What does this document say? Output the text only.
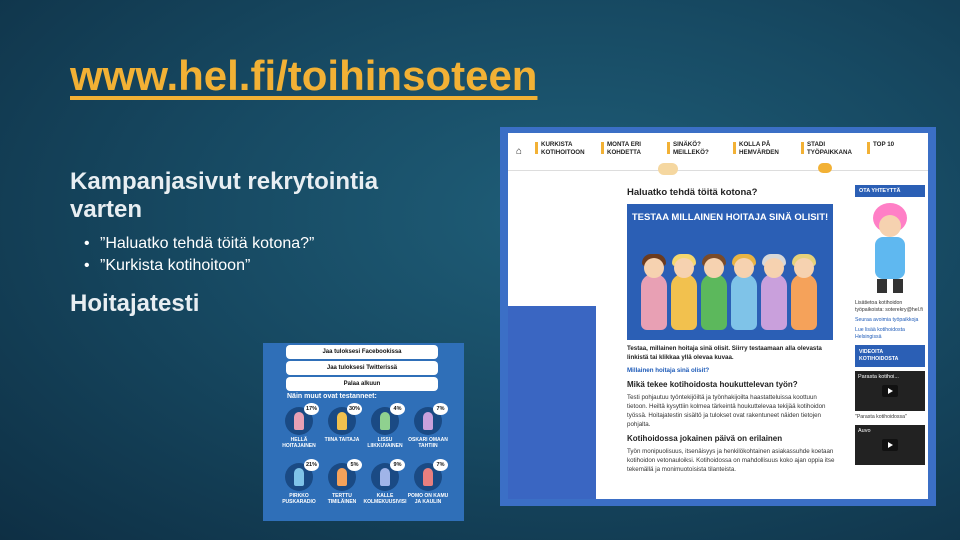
www.hel.fi/toihinsoteen
Kampanjasivut rekrytointia varten
• ”Haluatko tehdä töitä kotona?”
• ”Kurkista kotihoitoon”
Hoitajatesti
Jaa tuloksesi Facebookissa
Jaa tuloksesi Twitterissä
Palaa alkuun
Näin muut ovat testanneet:
17%
HELLÄ HOITAJAINEN
30%
TIINA TAITAJA
4%
LISSU LIIKKUVAINEN
7%
OSKARI OMAAN TAHTIIN
21%
PIRKKO PUSKARADIO
5%
TERTTU TIMILÄINEN
9%
KALLE KOLMEKUUSIVISI
7%
POMO ON KAMU JA KAULIN
⌂
KURKISTA KOTIHOITOON
MONTA ERI KOHDETTA
SINÄKÖ? MEILLEKÖ?
KOLLA PÅ HEMVÄRDEN
STADI TYÖPAIKKANA
TOP 10
Haluatko tehdä töitä kotona?
TESTAA MILLAINEN HOITAJA SINÄ OLISIT!
Testaa, millainen hoitaja sinä olisit. Siirry testaamaan alla olevasta linkistä tai klikkaa yllä olevaa kuvaa.
Millainen hoitaja sinä olisit?
Mikä tekee kotihoidosta houkuttelevan työn?
Testi pohjautuu työntekijöiltä ja työnhakijoilta haastatteluissa koottuun tietoon. Heiltä kysyttiin kolmea tärkeintä houkuttelevaa tekijää kotihoidon työssä. Hoitajatestin sisältö ja tulokset ovat rakentuneet näiden tietojen pohjalta.
Kotihoidossa jokainen päivä on erilainen
Työn monipuolisuus, itsenäisyys ja henkilökohtainen asiakassuhde koetaan kotihoidon vetonauloiksi. Kotihoidossa on mahdollisuus koko ajan oppia itse tekemällä ja monimuotoisista tilanteista.
OTA YHTEYTTÄ
Lisätietoa kotihoidon työpaikoista: soterekry@hel.fi
Seuraa avoimia työpaikkoja
Lue lisää kotihoidosta Helsingissä
VIDEOITA KOTIHOIDOSTA
Parasta kotihoi...
"Parasta kotihoidossa"
Auvo
